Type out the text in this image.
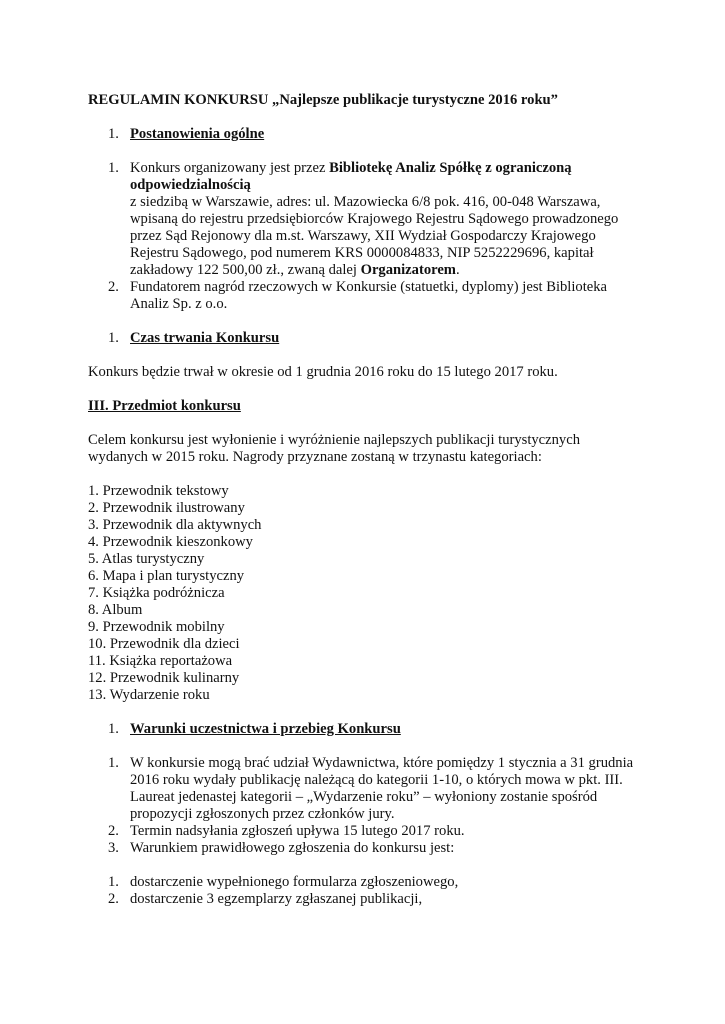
REGULAMIN KONKURSU „Najlepsze publikacje turystyczne 2016 roku”
1. Postanowienia ogólne
1. Konkurs organizowany jest przez Bibliotekę Analiz Spółkę z ograniczoną odpowiedzialnością
z siedzibą w Warszawie, adres: ul. Mazowiecka 6/8 pok. 416, 00-048 Warszawa,
wpisaną do rejestru przedsiębiorców Krajowego Rejestru Sądowego prowadzonego
przez Sąd Rejonowy dla m.st. Warszawy, XII Wydział Gospodarczy Krajowego
Rejestru Sądowego, pod numerem KRS 0000084833, NIP 5252229696, kapitał
zakładowy 122 500,00 zł., zwaną dalej Organizatorem.
2. Fundatorem nagród rzeczowych w Konkursie (statuetki, dyplomy) jest Biblioteka
Analiz Sp. z o.o.
1. Czas trwania Konkursu
Konkurs będzie trwał w okresie od 1 grudnia 2016 roku do 15 lutego 2017 roku.
III. Przedmiot konkursu
Celem konkursu jest wyłonienie i wyróżnienie najlepszych publikacji turystycznych
wydanych w 2015 roku. Nagrody przyznane zostaną w trzynastu kategoriach:
1. Przewodnik tekstowy
2. Przewodnik ilustrowany
3. Przewodnik dla aktywnych
4. Przewodnik kieszonkowy
5. Atlas turystyczny
6. Mapa i plan turystyczny
7. Książka podróżnicza
8. Album
9. Przewodnik mobilny
10. Przewodnik dla dzieci
11. Książka reportażowa
12. Przewodnik kulinarny
13. Wydarzenie roku
1. Warunki uczestnictwa i przebieg Konkursu
1. W konkursie mogą brać udział Wydawnictwa, które pomiędzy 1 stycznia a 31 grudnia
2016 roku wydały publikację należącą do kategorii 1-10, o których mowa w pkt. III.
Laureat jedenastej kategorii – „Wydarzenie roku” – wyłoniony zostanie spośród
propozycji zgłoszonych przez członków jury.
2. Termin nadsyłania zgłoszeń upływa 15 lutego 2017 roku.
3. Warunkiem prawidłowego zgłoszenia do konkursu jest:
1. dostarczenie wypełnionego formularza zgłoszeniowego,
2. dostarczenie 3 egzemplarzy zgłaszanej publikacji,
